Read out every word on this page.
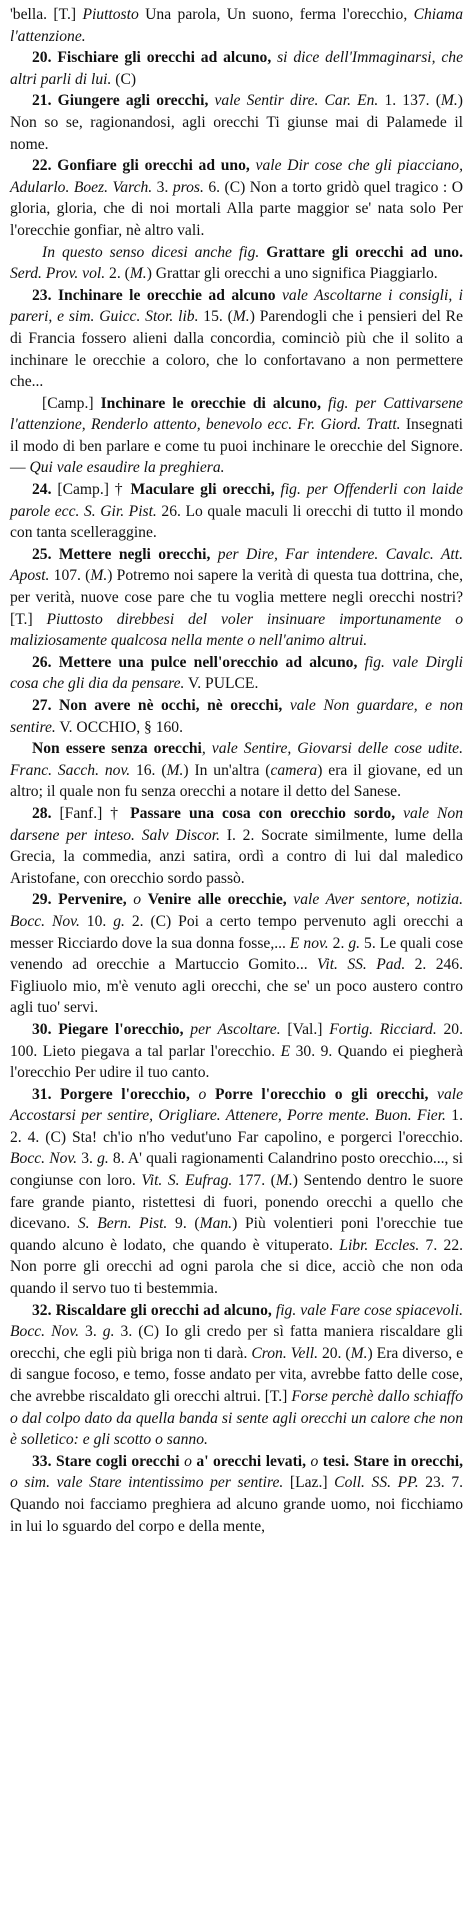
'bella. [T.] Piuttosto Una parola, Un suono, ferma l'orecchio, Chiama l'attenzione.

20. Fischiare gli orecchi ad alcuno, si dice dell'Immaginarsi, che altri parli di lui. (C)

21. Giungere agli orecchi, vale Sentir dire. Car. En. 1. 137. (M.) Non so se, ragionandosi, agli orecchi Ti giunse mai di Palamede il nome.

22. Gonfiare gli orecchi ad uno, vale Dir cose che gli piacciano, Adularlo. Boez. Varch. 3. pros. 6. (C) Non a torto gridò quel tragico : O gloria, gloria, che di noi mortali Alla parte maggior se' nata solo Per l'orecchie gonfiar, nè altro vali.

In questo senso dicesi anche fig. Grattare gli orecchi ad uno. Serd. Prov. vol. 2. (M.) Grattar gli orecchi a uno significa Piaggiarlo.

23. Inchinare le orecchie ad alcuno vale Ascoltarne i consigli, i pareri, e sim. Guicc. Stor. lib. 15. (M.) Parendogli che i pensieri del Re di Francia fossero alieni dalla concordia, cominciò più che il solito a inchinare le orecchie a coloro, che lo confortavano a non permettere che...

[Camp.] Inchinare le orecchie di alcuno, fig. per Cattivarsene l'attenzione, Renderlo attento, benevolo ecc. Fr. Giord. Tratt. Insegnati il modo di ben parlare e come tu puoi inchinare le orecchie del Signore. — Qui vale esaudire la preghiera.

24. [Camp.] † Maculare gli orecchi, fig. per Offenderli con laide parole ecc. S. Gir. Pist. 26. Lo quale maculi li orecchi di tutto il mondo con tanta scelleraggine.

25. Mettere negli orecchi, per Dire, Far intendere. Cavalc. Att. Apost. 107. (M.) Potremo noi sapere la verità di questa tua dottrina, che, per verità, nuove cose pare che tu voglia mettere negli orecchi nostri? [T.] Piuttosto direbbesi del voler insinuare importunamente o maliziosamente qualcosa nella mente o nell'animo altrui.

26. Mettere una pulce nell'orecchio ad alcuno, fig. vale Dirgli cosa che gli dia da pensare. V. PULCE.

27. Non avere nè occhi, nè orecchi, vale Non guardare, e non sentire. V. OCCHIO, § 160.

Non essere senza orecchi, vale Sentire, Giovarsi delle cose udite. Franc. Sacch. nov. 16. (M.) In un'altra (camera) era il giovane, ed un altro; il quale non fu senza orecchi a notare il detto del Sanese.

28. [Fanf.] † Passare una cosa con orecchio sordo, vale Non darsene per inteso. Salv Discor. I. 2. Socrate similmente, lume della Grecia, la commedia, anzi satira, ordì a contro di lui dal maledico Aristofane, con orecchio sordo passò.

29. Pervenire, o Venire alle orecchie, vale Aver sentore, notizia. Bocc. Nov. 10. g. 2. (C) Poi a certo tempo pervenuto agli orecchi a messer Ricciardo dove la sua donna fosse,... E nov. 2. g. 5. Le quali cose venendo ad orecchie a Martuccio Gomito... Vit. SS. Pad. 2. 246. Figliuolo mio, m'è venuto agli orecchi, che se' un poco austero contro agli tuo' servi.

30. Piegare l'orecchio, per Ascoltare. [Val.] Fortig. Ricciard. 20. 100. Lieto piegava a tal parlar l'orecchio. E 30. 9. Quando ei piegherà l'orecchio Per udire il tuo canto.

31. Porgere l'orecchio, o Porre l'orecchio o gli orecchi, vale Accostarsi per sentire, Origliare. Attenere, Porre mente. Buon. Fier. 1. 2. 4. (C) Sta! ch'io n'ho vedut'uno Far capolino, e porgerci l'orecchio. Bocc. Nov. 3. g. 8. A' quali ragionamenti Calandrino posto orecchio..., si congiunse con loro. Vit. S. Eufrag. 177. (M.) Sentendo dentro le suore fare grande pianto, ristettesi di fuori, ponendo orecchi a quello che dicevano. S. Bern. Pist. 9. (Man.) Più volentieri poni l'orecchie tue quando alcuno è lodato, che quando è vituperato. Libr. Eccles. 7. 22. Non porre gli orecchi ad ogni parola che si dice, acciò che non oda quando il servo tuo ti bestemmia.

32. Riscaldare gli orecchi ad alcuno, fig. vale Fare cose spiacevoli. Bocc. Nov. 3. g. 3. (C) Io gli credo per sì fatta maniera riscaldare gli orecchi, che egli più briga non ti darà. Cron. Vell. 20. (M.) Era diverso, e di sangue focoso, e temo, fosse andato per vita, avrebbe fatto delle cose, che avrebbe riscaldato gli orecchi altrui. [T.] Forse perchè dallo schiaffo o dal colpo dato da quella banda si sente agli orecchi un calore che non è solletico: e gli scotto o sanno.

33. Stare cogli orecchi o a' orecchi levati, o tesi. Stare in orecchi, o sim. vale Stare intentissimo per sentire. [Laz.] Coll. SS. PP. 23. 7. Quando noi facciamo preghiera ad alcuno grande uomo, noi ficchiamo in lui lo sguardo del corpo e della mente,
